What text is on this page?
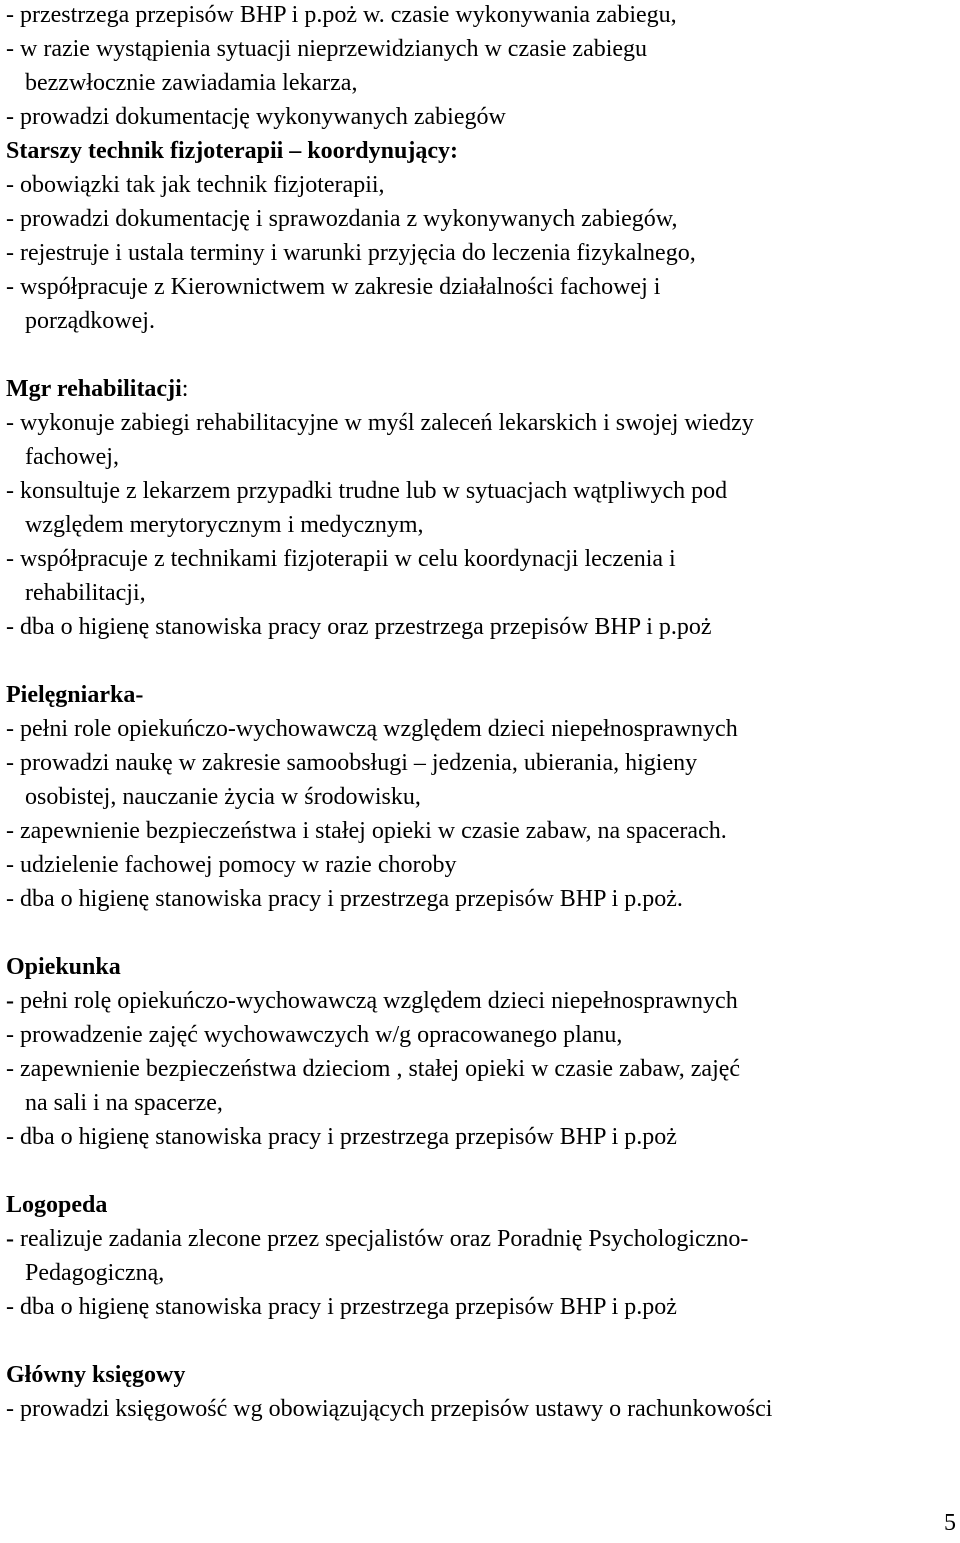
- przestrzega przepisów BHP i p.poż w. czasie wykonywania zabiegu,
- w razie wystąpienia sytuacji nieprzewidzianych w czasie zabiegu
bezzwłocznie zawiadamia lekarza,
- prowadzi dokumentację wykonywanych zabiegów
Starszy technik fizjoterapii – koordynujący:
- obowiązki tak jak technik fizjoterapii,
- prowadzi dokumentację i sprawozdania z wykonywanych zabiegów,
- rejestruje i ustala terminy i warunki przyjęcia do leczenia fizykalnego,
- współpracuje z Kierownictwem w zakresie działalności fachowej i
porządkowej.
Mgr rehabilitacji:
- wykonuje zabiegi rehabilitacyjne w myśl zaleceń lekarskich i swojej wiedzy
fachowej,
- konsultuje z lekarzem przypadki trudne lub w sytuacjach wątpliwych pod
względem merytorycznym i medycznym,
- współpracuje z technikami fizjoterapii w celu koordynacji leczenia i
rehabilitacji,
- dba o higienę stanowiska pracy oraz przestrzega przepisów BHP i p.poż
Pielęgniarka-
- pełni role opiekuńczo-wychowawczą względem dzieci niepełnosprawnych
- prowadzi naukę w zakresie samoobsługi – jedzenia, ubierania, higieny
osobistej, nauczanie życia w środowisku,
- zapewnienie bezpieczeństwa i stałej opieki w czasie zabaw, na spacerach.
- udzielenie fachowej pomocy w razie choroby
- dba o higienę stanowiska pracy i przestrzega przepisów BHP i p.poż.
Opiekunka
- pełni rolę opiekuńczo-wychowawczą względem dzieci niepełnosprawnych
- prowadzenie zajęć wychowawczych w/g opracowanego planu,
- zapewnienie bezpieczeństwa dzieciom , stałej opieki w czasie zabaw, zajęć
na sali i na spacerze,
- dba o higienę stanowiska pracy i przestrzega przepisów BHP i p.poż
Logopeda
- realizuje zadania zlecone przez specjalistów oraz Poradnię Psychologiczno-
Pedagogiczną,
- dba o higienę stanowiska pracy i przestrzega przepisów BHP i p.poż
Główny księgowy
- prowadzi księgowość wg obowiązujących przepisów ustawy o rachunkowości
5
